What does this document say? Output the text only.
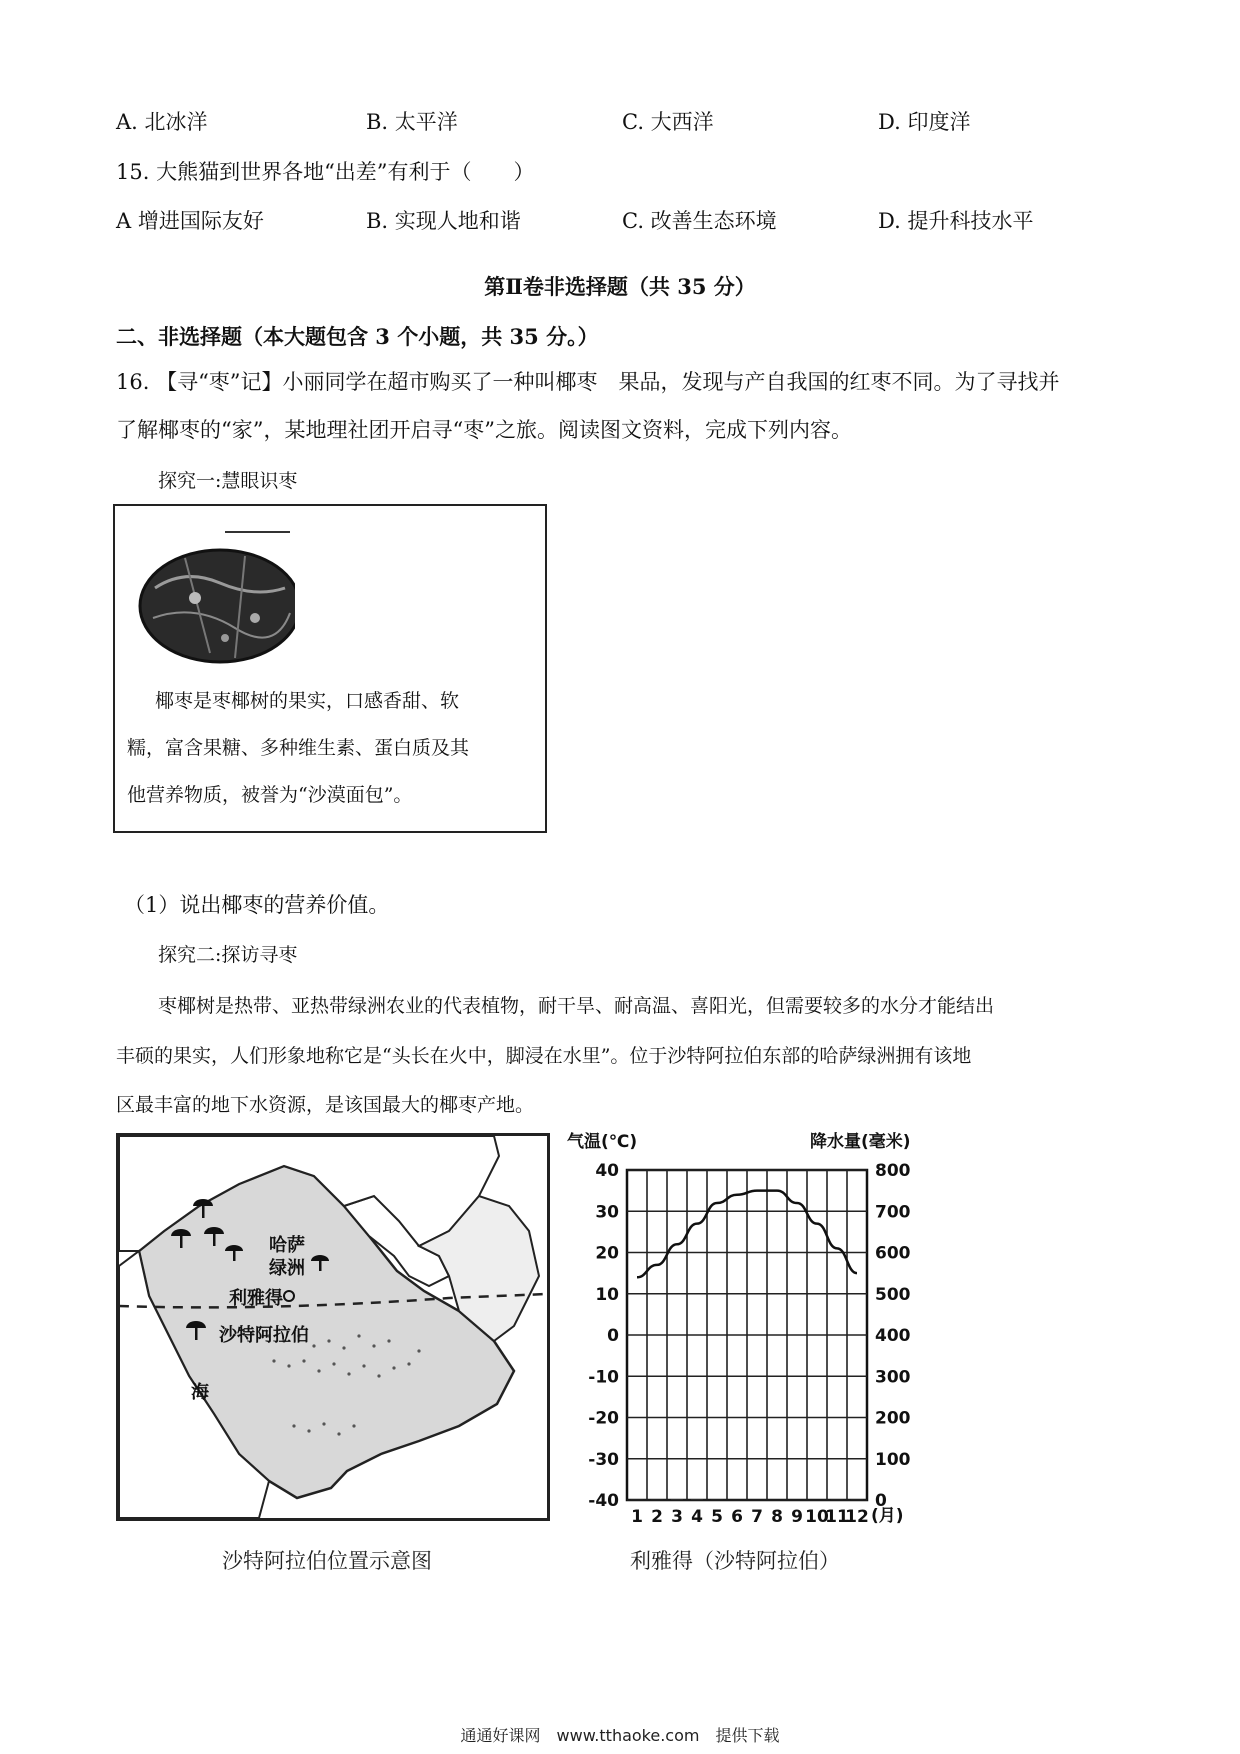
A. 北冰洋	B. 太平洋	C. 大西洋	D. 印度洋
15. 大熊猫到世界各地“出差”有利于（　　）
A 增进国际友好	B. 实现人地和谐	C. 改善生态环境	D. 提升科技水平
第Ⅱ卷非选择题（共 35 分）
二、非选择题（本大题包含 3 个小题，共 35 分。）
16. 【寻“枣”记】小丽同学在超市购买了一种叫椰枣　果品，发现与产自我国的红枣不同。为了寻找并
了解椰枣的“家”，某地理社团开启寻“枣”之旅。阅读图文资料，完成下列内容。
探究一:慧眼识枣
椰枣是枣椰树的果实，口感香甜、软
糯，富含果糖、多种维生素、蛋白质及其
他营养物质，被誉为“沙漠面包”。
（1）说出椰枣的营养价值。
探究二:探访寻枣
枣椰树是热带、亚热带绿洲农业的代表植物，耐干旱、耐高温、喜阳光，但需要较多的水分才能结出
丰硕的果实，人们形象地称它是“头长在火中，脚浸在水里”。位于沙特阿拉伯东部的哈萨绿洲拥有该地
区最丰富的地下水资源，是该国最大的椰枣产地。
哈萨
绿洲
利雅得
沙特阿拉伯
海
沙特阿拉伯位置示意图
气温(℃)	降水量(毫米)
40
30
20
10
0
-10
-20
-30
-40
800
700
600
500
400
300
200
100
0
1 2 3 4 5 6 7 8 9 10
11
12 (月)
利雅得（沙特阿拉伯）
通通好课网　www.tthaoke.com　提供下载
